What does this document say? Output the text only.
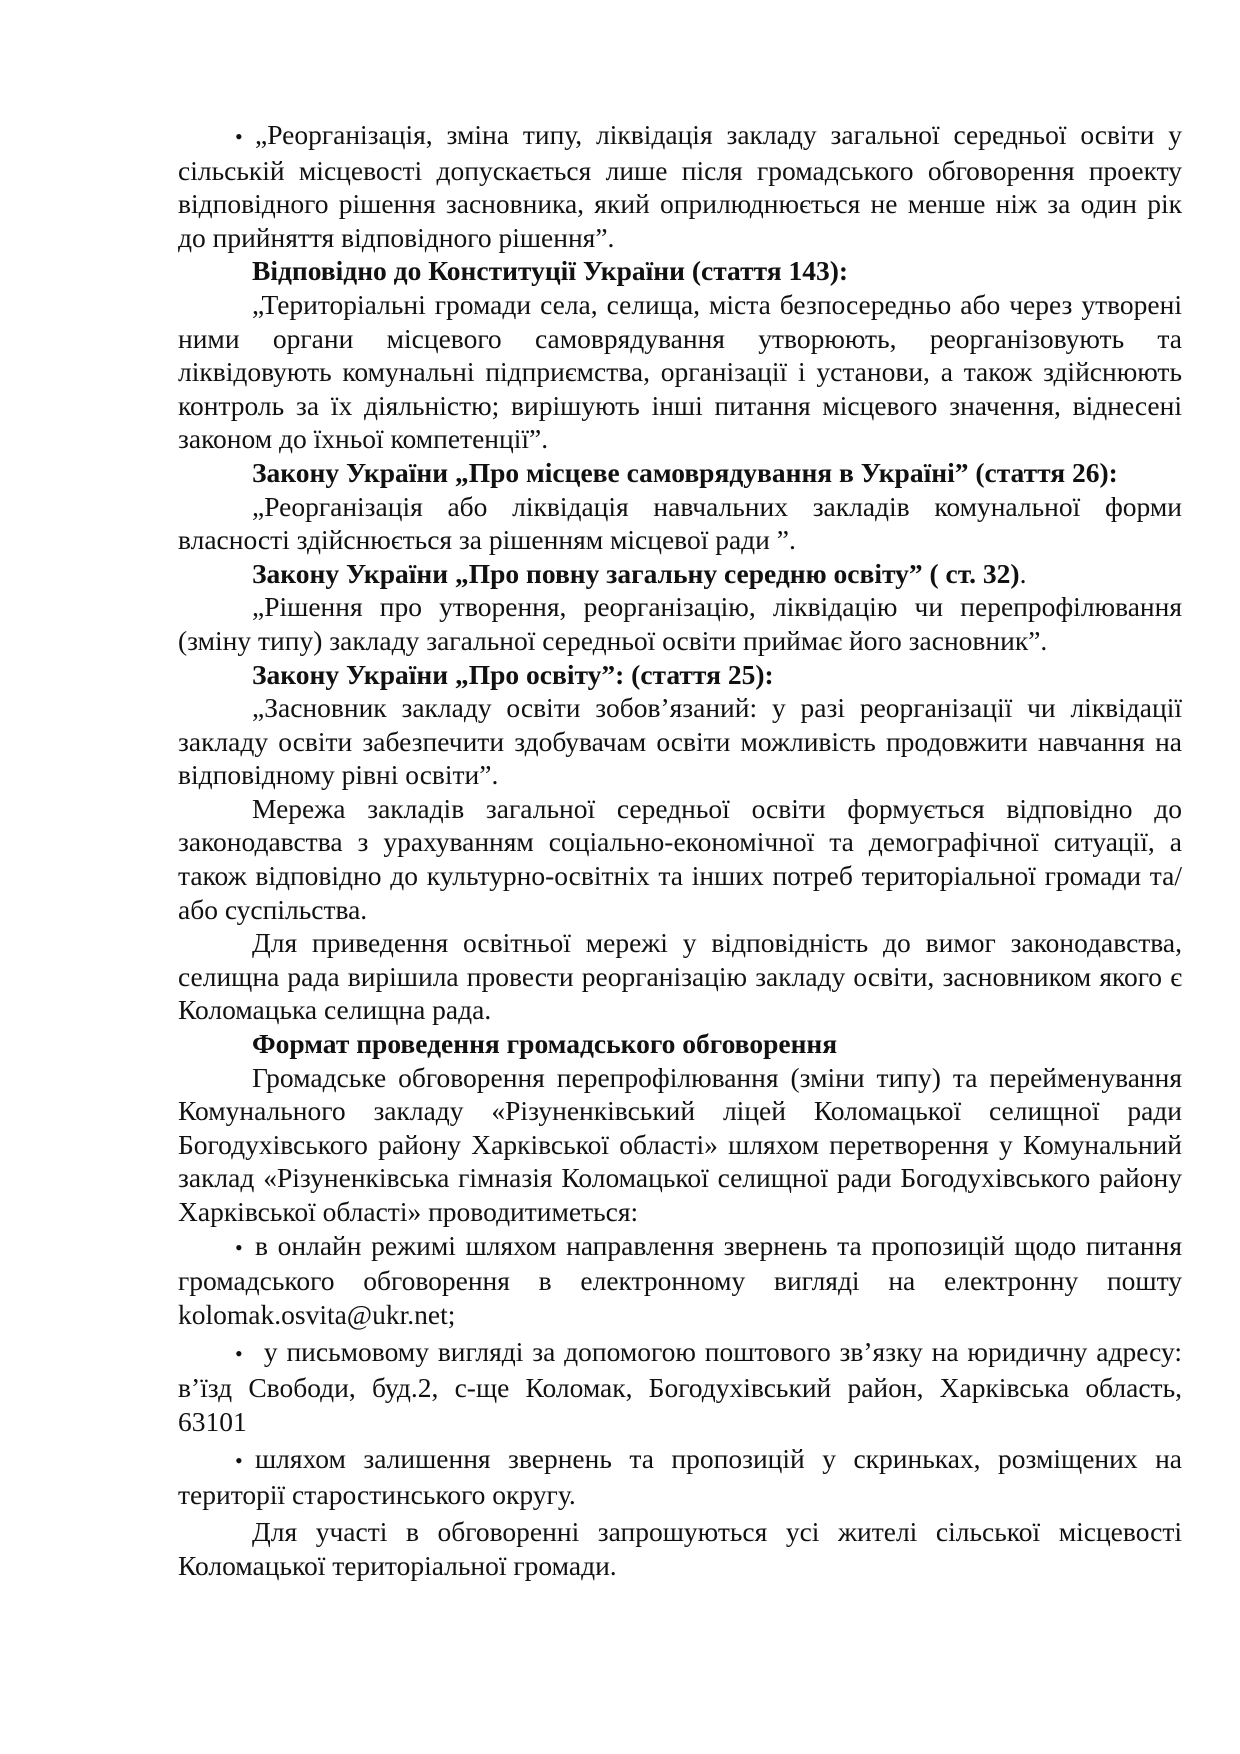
• „Реорганізація, зміна типу, ліквідація закладу загальної середньої освіти у сільській місцевості допускається лише після громадського обговорення проекту відповідного рішення засновника, який оприлюднюється не менше ніж за один рік до прийняття відповідного рішення”.

Відповідно до Конституції України (стаття 143):

„Територіальні громади села, селища, міста безпосередньо або через утворені ними органи місцевого самоврядування утворюють, реорганізовують та ліквідовують комунальні підприємства, організації і установи, а також здійснюють контроль за їх діяльністю; вирішують інші питання місцевого значення, віднесені законом до їхньої компетенції”.

Закону України „Про місцеве самоврядування в Україні” (стаття 26):

„Реорганізація або ліквідація навчальних закладів комунальної форми власності здійснюється за рішенням місцевої ради ”.

Закону України „Про повну загальну середню освіту” ( ст. 32).

„Рішення про утворення, реорганізацію, ліквідацію чи перепрофілювання (зміну типу) закладу загальної середньої освіти приймає його засновник”.

Закону України „Про освіту”: (стаття 25):

„Засновник закладу освіти зобов’язаний: у разі реорганізації чи ліквідації закладу освіти забезпечити здобувачам освіти можливість продовжити навчання на відповідному рівні освіти”.

Мережа закладів загальної середньої освіти формується відповідно до законодавства з урахуванням соціально-економічної та демографічної ситуації, а також відповідно до культурно-освітніх та інших потреб територіальної громади та/або суспільства.

Для приведення освітньої мережі у відповідність до вимог законодавства, селищна рада вирішила провести реорганізацію закладу освіти, засновником якого є Коломацька селищна рада.

Формат проведення громадського обговорення

Громадське обговорення перепрофілювання (зміни типу) та перейменування Комунального закладу «Різуненківський ліцей Коломацької селищної ради Богодухівського району Харківської області» шляхом перетворення у Комунальний заклад «Різуненківська гімназія Коломацької селищної ради Богодухівського району Харківської області» проводитиметься:

• в онлайн режимі шляхом направлення звернень та пропозицій щодо питання громадського обговорення в електронному вигляді на електронну пошту kolomak.osvita@ukr.net;

• у письмовому вигляді за допомогою поштового зв’язку на юридичну адресу: в’їзд Свободи, буд.2, с-ще Коломак, Богодухівський район, Харківська область, 63101

• шляхом залишення звернень та пропозицій у скриньках, розміщених на території старостинського округу.

Для участі в обговоренні запрошуються усі жителі сільської місцевості Коломацької територіальної громади.
